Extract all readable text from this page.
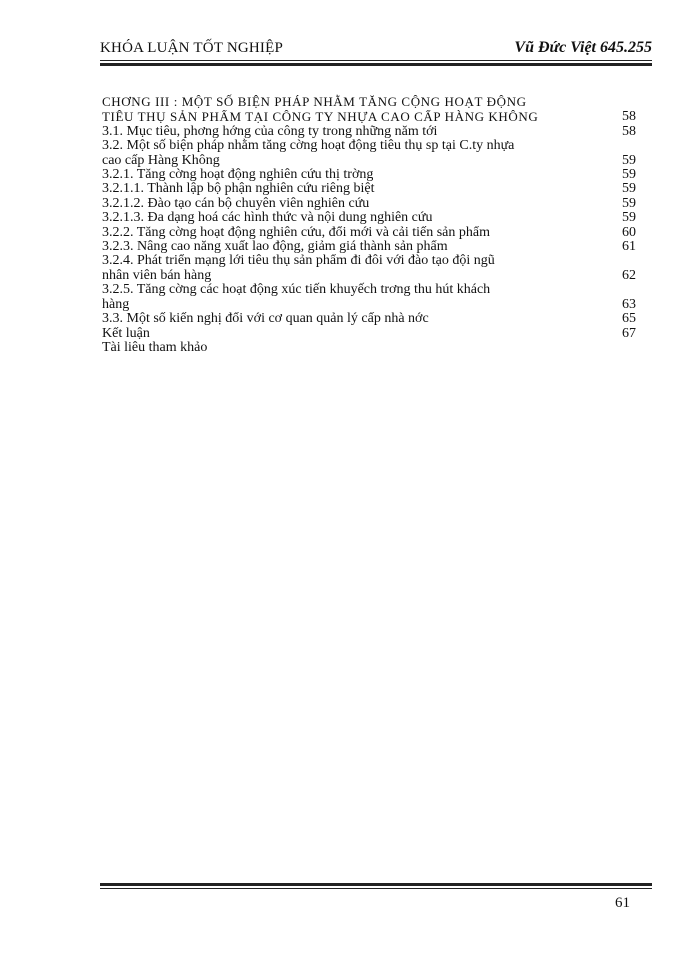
KHÓA LUẬN TỐT NGHIỆP	Vũ Đức Việt 645.255
CHƠNG III : MỘT SỐ BIỆN PHÁP NHẰM TĂNG CỘNG HOẠT ĐỘNG
TIÊU THỤ SẢN PHẨM TẠI CÔNG TY NHỰA CAO CẤP HÀNG KHÔNG	58
3.1. Mục tiêu, phơng hớng của công ty trong những năm tới	58
3.2. Một số biện pháp nhằm tăng cờng hoạt động tiêu thụ sp tại C.ty nhựa
cao cấp Hàng Không	59
3.2.1. Tăng cờng hoạt động nghiên cứu thị trờng	59
3.2.1.1. Thành lập bộ phận nghiên cứu riêng biệt	59
3.2.1.2. Đào tạo cán bộ chuyên viên nghiên cứu	59
3.2.1.3. Đa dạng hoá các hình thức và nội dung nghiên cứu	59
3.2.2. Tăng cờng hoạt động nghiên cứu, đổi mới và cải tiến sản phẩm	60
3.2.3. Nâng cao năng xuất lao động, giảm giá thành sản phẩm	61
3.2.4. Phát triển mạng lới tiêu thụ sản phẩm đi đôi với đào tạo đội ngũ
nhân viên bán hàng	62
3.2.5. Tăng cờng các hoạt động xúc tiến khuyếch trơng thu hút khách
hàng	63
3.3. Một số kiến nghị đối với cơ quan quản lý cấp nhà nớc	65
Kết luận	67
Tài liêu tham khảo
61
